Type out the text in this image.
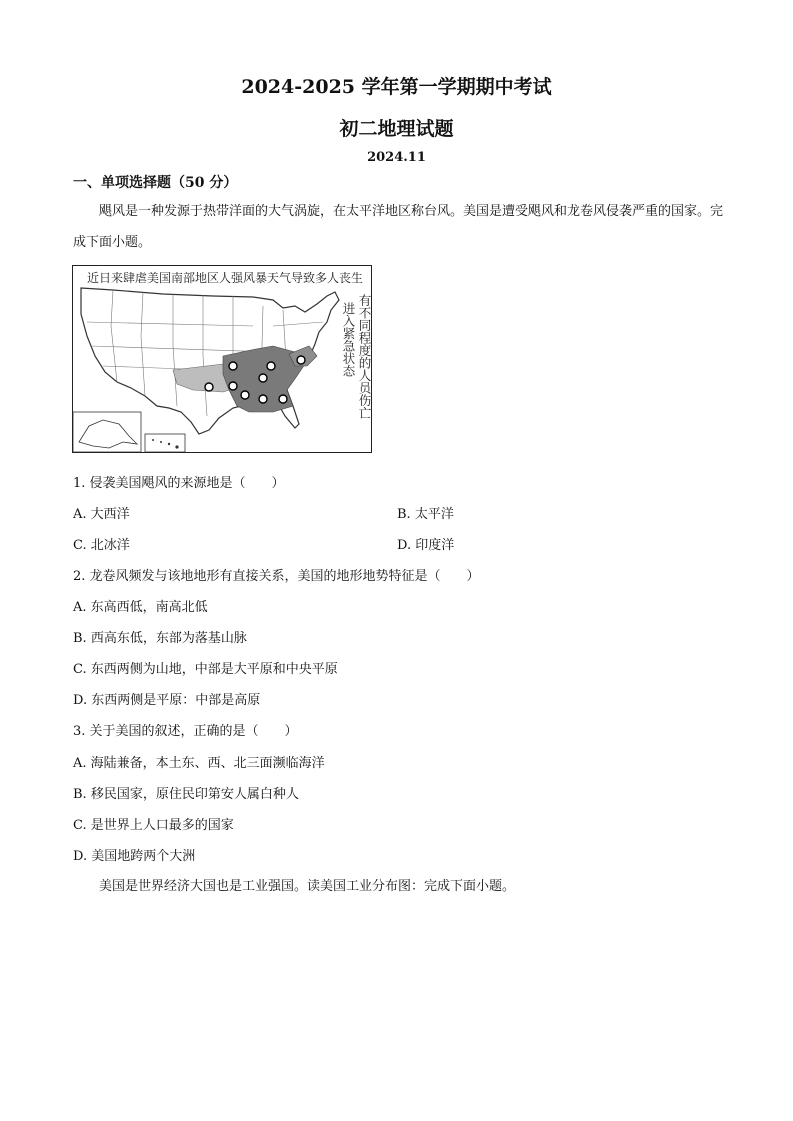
2024-2025 学年第一学期期中考试
初二地理试题
2024.11
一、单项选择题（50 分）
飓风是一种发源于热带洋面的大气涡旋，在太平洋地区称台风。美国是遭受飓风和龙卷风侵袭严重的国家。完成下面小题。
近日来肆虐美国南部地区人强风暴天气导致多人丧生
进入紧急状态 有不同程度的人员伤亡
1. 侵袭美国飓风的来源地是（　　）
A. 大西洋	B. 太平洋
C. 北冰洋	D. 印度洋
2. 龙卷风频发与该地地形有直接关系，美国的地形地势特征是（　　）
A. 东高西低，南高北低
B. 西高东低，东部为落基山脉
C. 东西两侧为山地，中部是大平原和中央平原
D. 东西两侧是平原：中部是高原
3. 关于美国的叙述，正确的是（　　）
A. 海陆兼备，本土东、西、北三面濒临海洋
B. 移民国家，原住民印第安人属白种人
C. 是世界上人口最多的国家
D. 美国地跨两个大洲
美国是世界经济大国也是工业强国。读美国工业分布图：完成下面小题。
